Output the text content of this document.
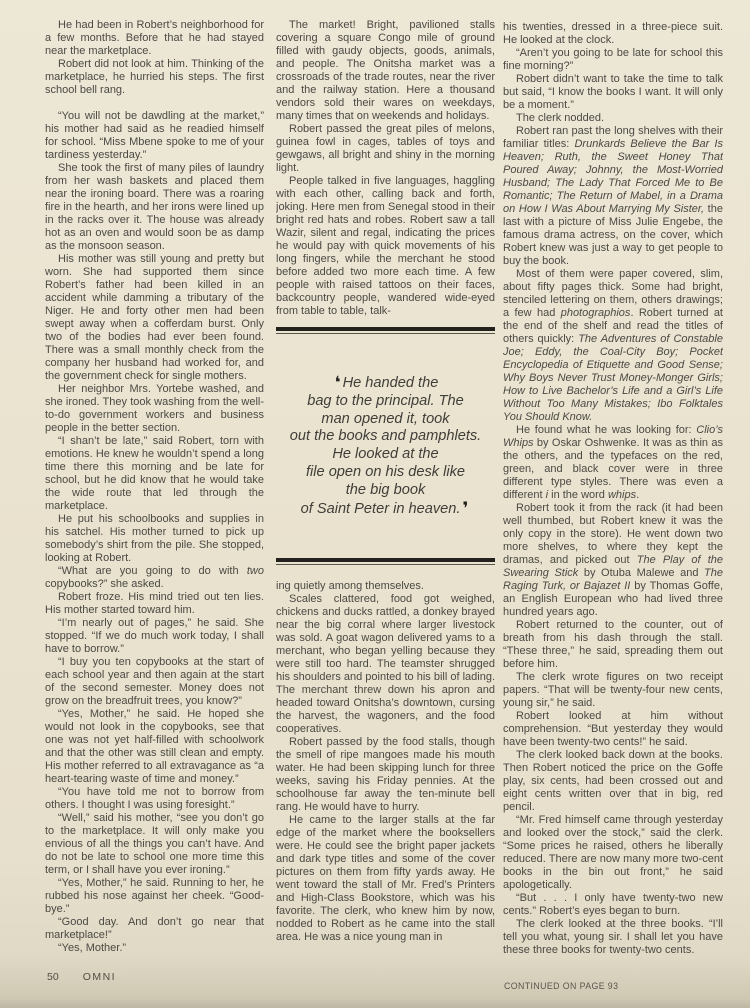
He had been in Robert’s neighborhood for a few months. Before that he had stayed near the marketplace.

Robert did not look at him. Thinking of the marketplace, he hurried his steps. The first school bell rang.

“You will not be dawdling at the market,” his mother had said as he readied himself for school. “Miss Mbene spoke to me of your tardiness yesterday.”

She took the first of many piles of laundry from her wash baskets and placed them near the ironing board. There was a roaring fire in the hearth, and her irons were lined up in the racks over it. The house was already hot as an oven and would soon be as damp as the monsoon season.

His mother was still young and pretty but worn. She had supported them since Robert’s father had been killed in an accident while damming a tributary of the Niger. He and forty other men had been swept away when a cofferdam burst. Only two of the bodies had ever been found. There was a small monthly check from the company her husband had worked for, and the government check for single mothers.

Her neighbor Mrs. Yortebe washed, and she ironed. They took washing from the well-to-do government workers and business people in the better section.

“I shan’t be late,” said Robert, torn with emotions. He knew he wouldn’t spend a long time there this morning and be late for school, but he did know that he would take the wide route that led through the marketplace.

He put his schoolbooks and supplies in his satchel. His mother turned to pick up somebody’s shirt from the pile. She stopped, looking at Robert.

“What are you going to do with two copybooks?” she asked.

Robert froze. His mind tried out ten lies. His mother started toward him.

“I’m nearly out of pages,” he said. She stopped. “If we do much work today, I shall have to borrow.”

“I buy you ten copybooks at the start of each school year and then again at the start of the second semester. Money does not grow on the breadfruit trees, you know?”

“Yes, Mother,” he said. He hoped she would not look in the copybooks, see that one was not yet half-filled with schoolwork and that the other was still clean and empty. His mother referred to all extravagance as “a heart-tearing waste of time and money.”

“You have told me not to borrow from others. I thought I was using foresight.”

“Well,” said his mother, “see you don’t go to the marketplace. It will only make you envious of all the things you can’t have. And do not be late to school one more time this term, or I shall have you ever ironing.”

“Yes, Mother,” he said. Running to her, he rubbed his nose against her cheek. “Good-bye.”

“Good day. And don’t go near that marketplace!”

“Yes, Mother.”

The market! Bright, pavilioned stalls covering a square Congo mile of ground filled with gaudy objects, goods, animals, and people. The Onitsha market was a crossroads of the trade routes, near the river and the railway station. Here a thousand vendors sold their wares on weekdays, many times that on weekends and holidays.

Robert passed the great piles of melons, guinea fowl in cages, tables of toys and gewgaws, all bright and shiny in the morning light.

People talked in five languages, haggling with each other, calling back and forth, joking. Here men from Senegal stood in their bright red hats and robes. Robert saw a tall Wazir, silent and regal, indicating the prices he would pay with quick movements of his long fingers, while the merchant he stood before added two more each time. A few people with raised tattoos on their faces, backcountry people, wandered wide-eyed from table to table, talk-

❛ He handed the
bag to the principal. The
man opened it, took
out the books and pamphlets.
He looked at the
file open on his desk like
the big book
of Saint Peter in heaven. ❜

ing quietly among themselves.

Scales clattered, food got weighed, chickens and ducks rattled, a donkey brayed near the big corral where larger livestock was sold. A goat wagon delivered yams to a merchant, who began yelling because they were still too hard. The teamster shrugged his shoulders and pointed to his bill of lading. The merchant threw down his apron and headed toward Onitsha’s downtown, cursing the harvest, the wagoners, and the food cooperatives.

Robert passed by the food stalls, though the smell of ripe mangoes made his mouth water. He had been skipping lunch for three weeks, saving his Friday pennies. At the schoolhouse far away the ten-minute bell rang. He would have to hurry.

He came to the larger stalls at the far edge of the market where the booksellers were. He could see the bright paper jackets and dark type titles and some of the cover pictures on them from fifty yards away. He went toward the stall of Mr. Fred’s Printers and High-Class Bookstore, which was his favorite. The clerk, who knew him by now, nodded to Robert as he came into the stall area. He was a nice young man in

his twenties, dressed in a three-piece suit. He looked at the clock.

“Aren’t you going to be late for school this fine morning?”

Robert didn’t want to take the time to talk but said, “I know the books I want. It will only be a moment.”

The clerk nodded.

Robert ran past the long shelves with their familiar titles: Drunkards Believe the Bar Is Heaven; Ruth, the Sweet Honey That Poured Away; Johnny, the Most-Worried Husband; The Lady That Forced Me to Be Romantic; The Return of Mabel, in a Drama on How I Was About Marrying My Sister, the last with a picture of Miss Julie Engebe, the famous drama actress, on the cover, which Robert knew was just a way to get people to buy the book.

Most of them were paper covered, slim, about fifty pages thick. Some had bright, stenciled lettering on them, others drawings; a few had photographios. Robert turned at the end of the shelf and read the titles of others quickly: The Adventures of Constable Joe; Eddy, the Coal-City Boy; Pocket Encyclopedia of Etiquette and Good Sense; Why Boys Never Trust Money-Monger Girls; How to Live Bachelor’s Life and a Girl’s Life Without Too Many Mistakes; Ibo Folktales You Should Know.

He found what he was looking for: Clio’s Whips by Oskar Oshwenke. It was as thin as the others, and the typefaces on the red, green, and black cover were in three different type styles. There was even a different i in the word whips.

Robert took it from the rack (it had been well thumbed, but Robert knew it was the only copy in the store). He went down two more shelves, to where they kept the dramas, and picked out The Play of the Swearing Stick by Otuba Malewe and The Raging Turk, or Bajazet II by Thomas Goffe, an English European who had lived three hundred years ago.

Robert returned to the counter, out of breath from his dash through the stall. “These three,” he said, spreading them out before him.

The clerk wrote figures on two receipt papers. “That will be twenty-four new cents, young sir,” he said.

Robert looked at him without comprehension. “But yesterday they would have been twenty-two cents!” he said.

The clerk looked back down at the books. Then Robert noticed the price on the Goffe play, six cents, had been crossed out and eight cents written over that in big, red pencil.

“Mr. Fred himself came through yesterday and looked over the stock,” said the clerk. “Some prices he raised, others he liberally reduced. There are now many more two-cent books in the bin out front,” he said apologetically.

“But . . . I only have twenty-two new cents.” Robert’s eyes began to burn.

The clerk looked at the three books. “I’ll tell you what, young sir. I shall let you have these three books for twenty-two cents.

50 OMNI
CONTINUED ON PAGE 93
